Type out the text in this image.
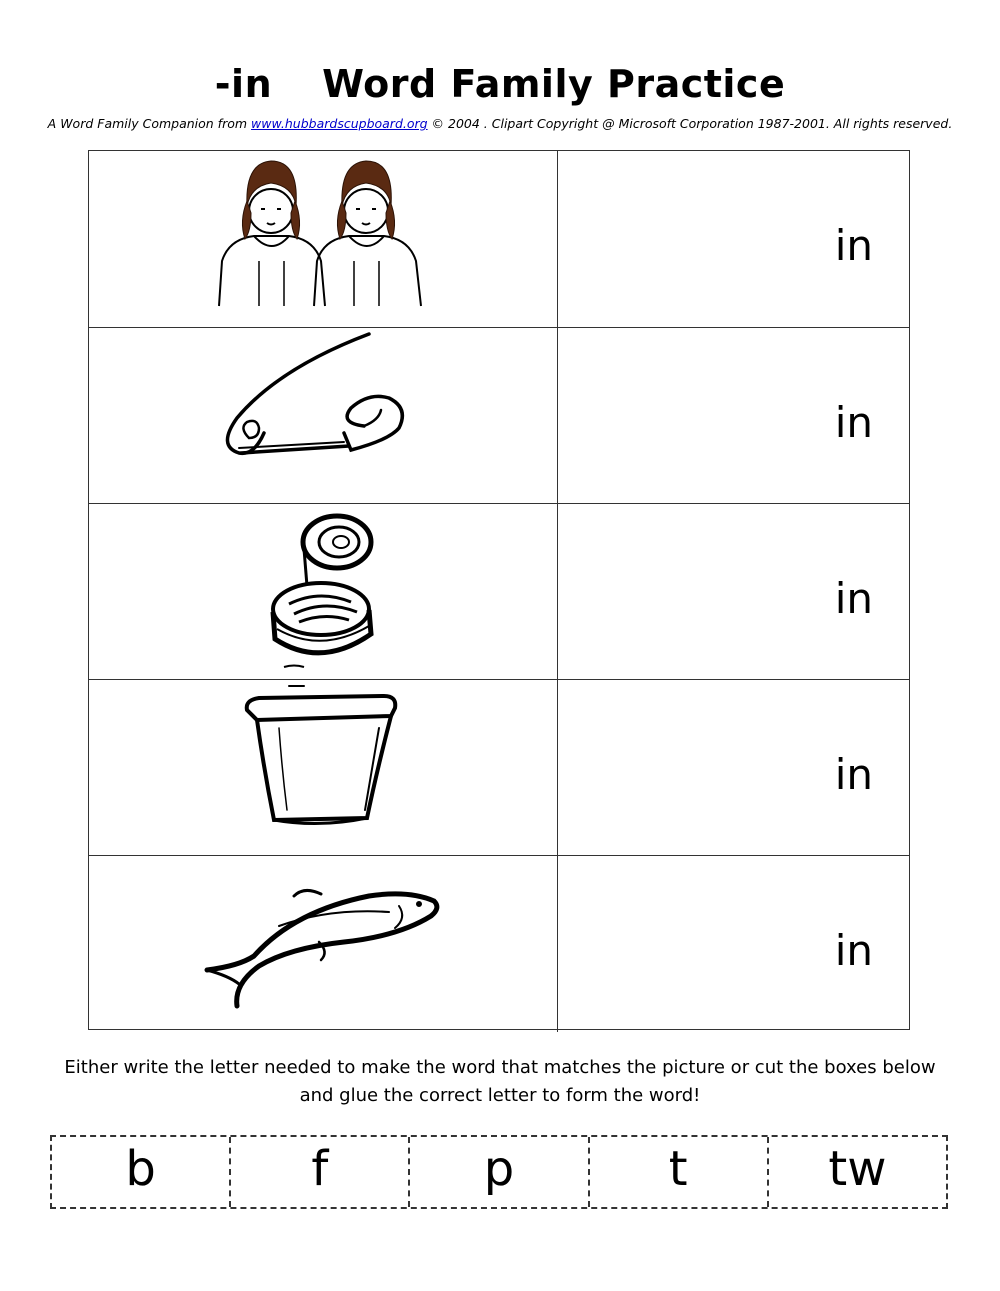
-in Word Family Practice
A Word Family Companion from www.hubbardscupboard.org © 2004 . Clipart Copyright @ Microsoft Corporation 1987-2001. All rights reserved.
in
in
in
in
in
Either write the letter needed to make the word that matches the picture or cut the boxes below and glue the correct letter to form the word!
b	f	p	t	tw
